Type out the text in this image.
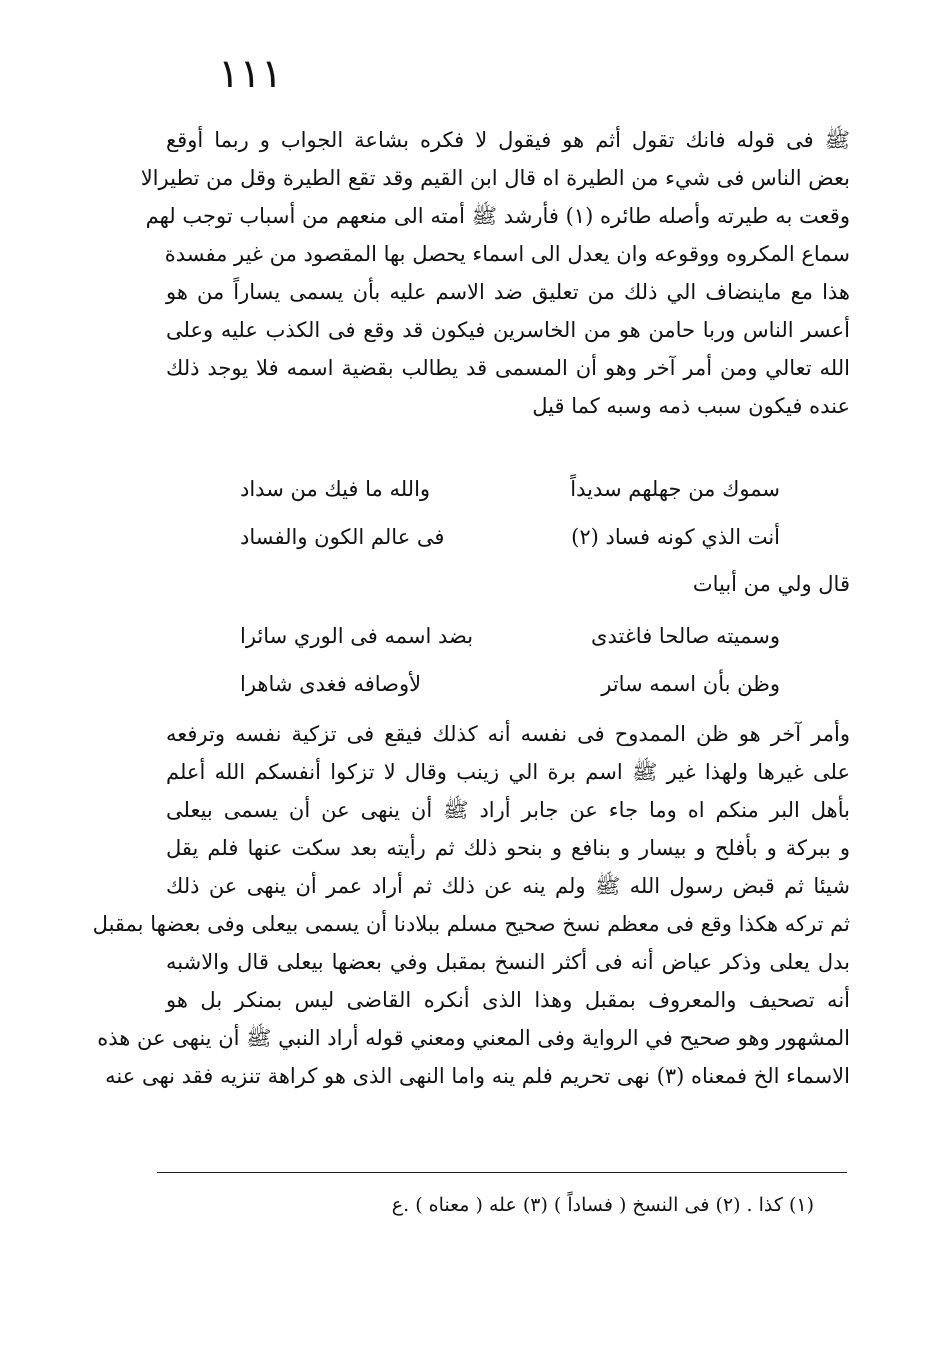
١١١
ﷺ فى قوله فانك تقول أثم هو فيقول لا فكره بشاعة الجواب و ربما أوقع
بعض الناس فى شيء من الطيرة اه قال ابن القيم وقد تقع الطيرة وقل من تطيرالا
وقعت به طيرته وأصله طائره (١) فأرشد ﷺ أمته الى منعهم من أسباب توجب لهم
سماع المكروه ووقوعه وان يعدل الى اسماء يحصل بها المقصود من غير مفسدة
هذا مع ماينضاف الي ذلك من تعليق ضد الاسم عليه بأن يسمى يساراً من هو
أعسر الناس وربا حامن هو من الخاسرين فيكون قد وقع فى الكذب عليه وعلى
الله تعالي ومن أمر آخر وهو أن المسمى قد يطالب بقضية اسمه فلا يوجد ذلك
عنده فيكون سبب ذمه وسبه كما قيل
سموك من جهلهم سديداً
والله ما فيك من سداد
أنت الذي كونه فساد (٢)
فى عالم الكون والفساد
قال ولي من أبيات
وسميته صالحا فاغتدى
بضد اسمه فى الوري سائرا
وظن بأن اسمه ساتر
لأوصافه فغدى شاهرا
وأمر آخر هو ظن الممدوح فى نفسه أنه كذلك فيقع فى تزكية نفسه وترفعه
على غيرها ولهذا غير ﷺ اسم برة الي زينب وقال لا تزكوا أنفسكم الله أعلم
بأهل البر منكم اه وما جاء عن جابر أراد ﷺ أن ينهى عن أن يسمى بيعلى
و ببركة و بأفلح و بيسار و بنافع و بنحو ذلك ثم رأيته بعد سكت عنها فلم يقل
شيئا ثم قبض رسول الله ﷺ ولم ينه عن ذلك ثم أراد عمر أن ينهى عن ذلك
ثم تركه هكذا وقع فى معظم نسخ صحيح مسلم ببلادنا أن يسمى بيعلى وفى بعضها بمقبل
بدل يعلى وذكر عياض أنه فى أكثر النسخ بمقبل وفي بعضها بيعلى قال والاشبه
أنه تصحيف والمعروف بمقبل وهذا الذى أنكره القاضى ليس بمنكر بل هو
المشهور وهو صحيح في الرواية وفى المعني ومعني قوله أراد النبي ﷺ أن ينهى عن هذه
الاسماء الخ فمعناه (٣) نهى تحريم فلم ينه واما النهى الذى هو كراهة تنزيه فقد نهى عنه
(١) كذا . (٢) فى النسخ ( فساداً ) (٣) عله ( معناه ) .ع
